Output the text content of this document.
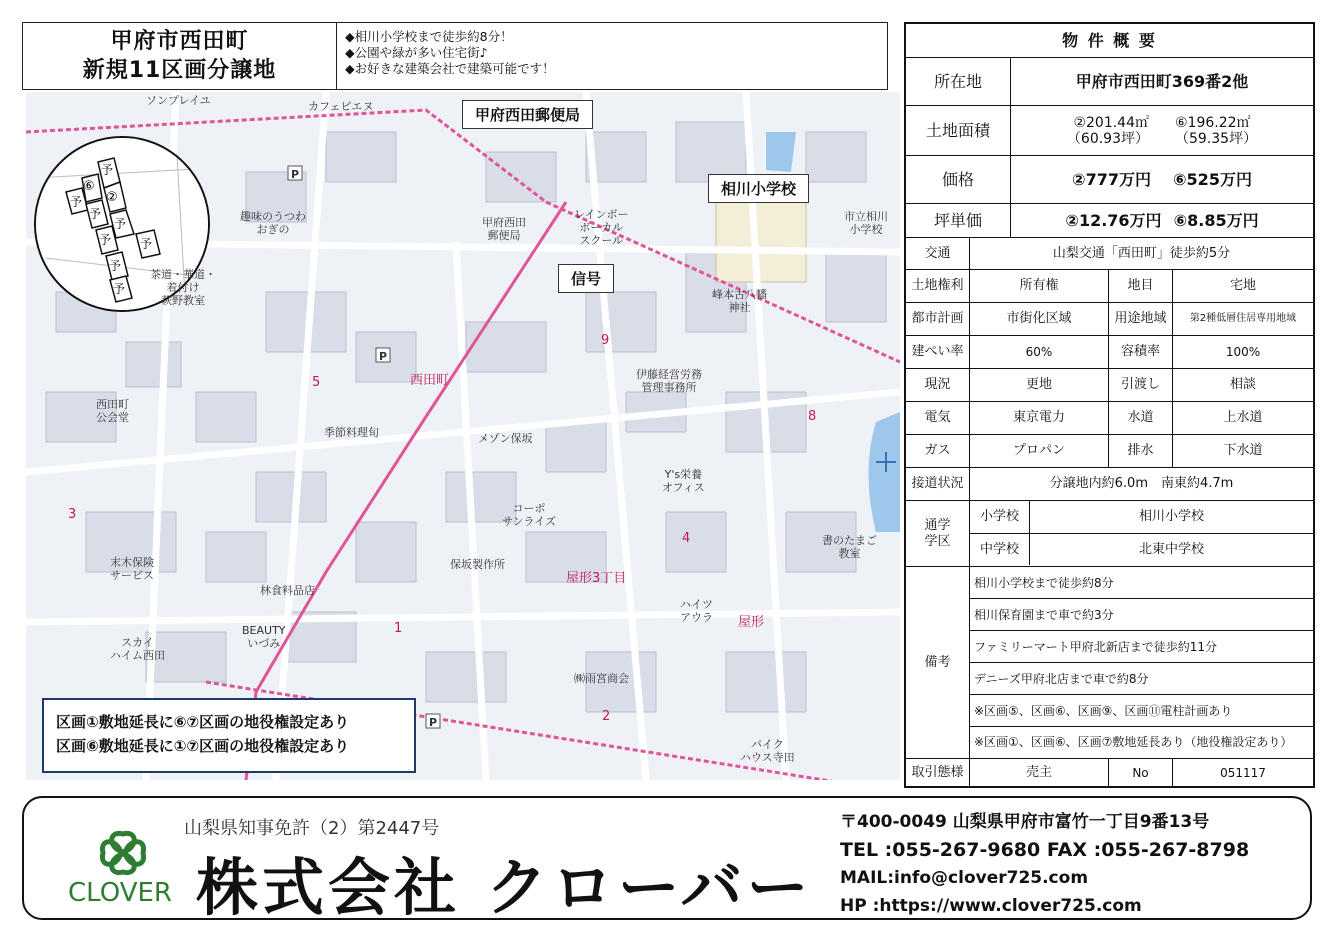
甲府市西田町
新規11区画分譲地
◆相川小学校まで徒歩約8分！
◆公園や緑が多い住宅街♪
◆お好きな建築会社で建築可能です！
P
P
P
予
⑥
②
予
予
予
予 予
予
予
ソンプレイユ	カフェピエヌ
甲府西田
郵便局
レインボー
ボーカル
スクール
市立相川
小学校
峰本古八幡
神社
趣味のうつわ
おぎの
茶道・華道・
着付け
萩野教室
西田町
公会堂
季節料理旬	メゾン保坂
伊藤経営労務
管理事務所
Y's栄養
オフィス
コーポ
サンライズ
保坂製作所
末木保険
サービス
林食料品店
BEAUTY
いづみ
スカイ
ハイム西田
㈱雨宮商会
ハイツ
アウラ
書のたまご
教室
バイク
ハウス寺田
西田町
屋形3丁目
屋形
5
9
8
3
4
1
2
甲府西田郵便局
相川小学校
信号
区画①敷地延長に⑥⑦区画の地役権設定あり
区画⑥敷地延長に①⑦区画の地役権設定あり
物 件 概 要
所在地	甲府市西田町369番2他
土地面積	②201.44㎡ ⑥196.22㎡
（60.93坪） （59.35坪）
価格	②777万円 ⑥525万円
坪単価	②12.76万円 ⑥8.85万円
交通	山梨交通「西田町」徒歩約5分
土地権利	所有権	地目	宅地
都市計画	市街化区域	用途地域	第2種低層住居専用地域
建ぺい率	60%	容積率	100%
現況	更地	引渡し	相談
電気	東京電力	水道	上水道
ガス	プロパン	排水	下水道
接道状況	分譲地内約6.0m　南東約4.7m
通学
学区
小学校	相川小学校
中学校	北東中学校
備考
相川小学校まで徒歩約8分
相川保育園まで車で約3分
ファミリーマート甲府北新店まで徒歩約11分
デニーズ甲府北店まで車で約8分
※区画⑤、区画⑥、区画⑨、区画⑪電柱計画あり
※区画①、区画⑥、区画⑦敷地延長あり（地役権設定あり）
取引態様	売主	No	051117
CLOVER
山梨県知事免許（2）第2447号
株式会社 クローバー
〒400-0049 山梨県甲府市富竹一丁目9番13号
TEL :055-267-9680 FAX :055-267-8798
MAIL:info@clover725.com
HP :https://www.clover725.com
